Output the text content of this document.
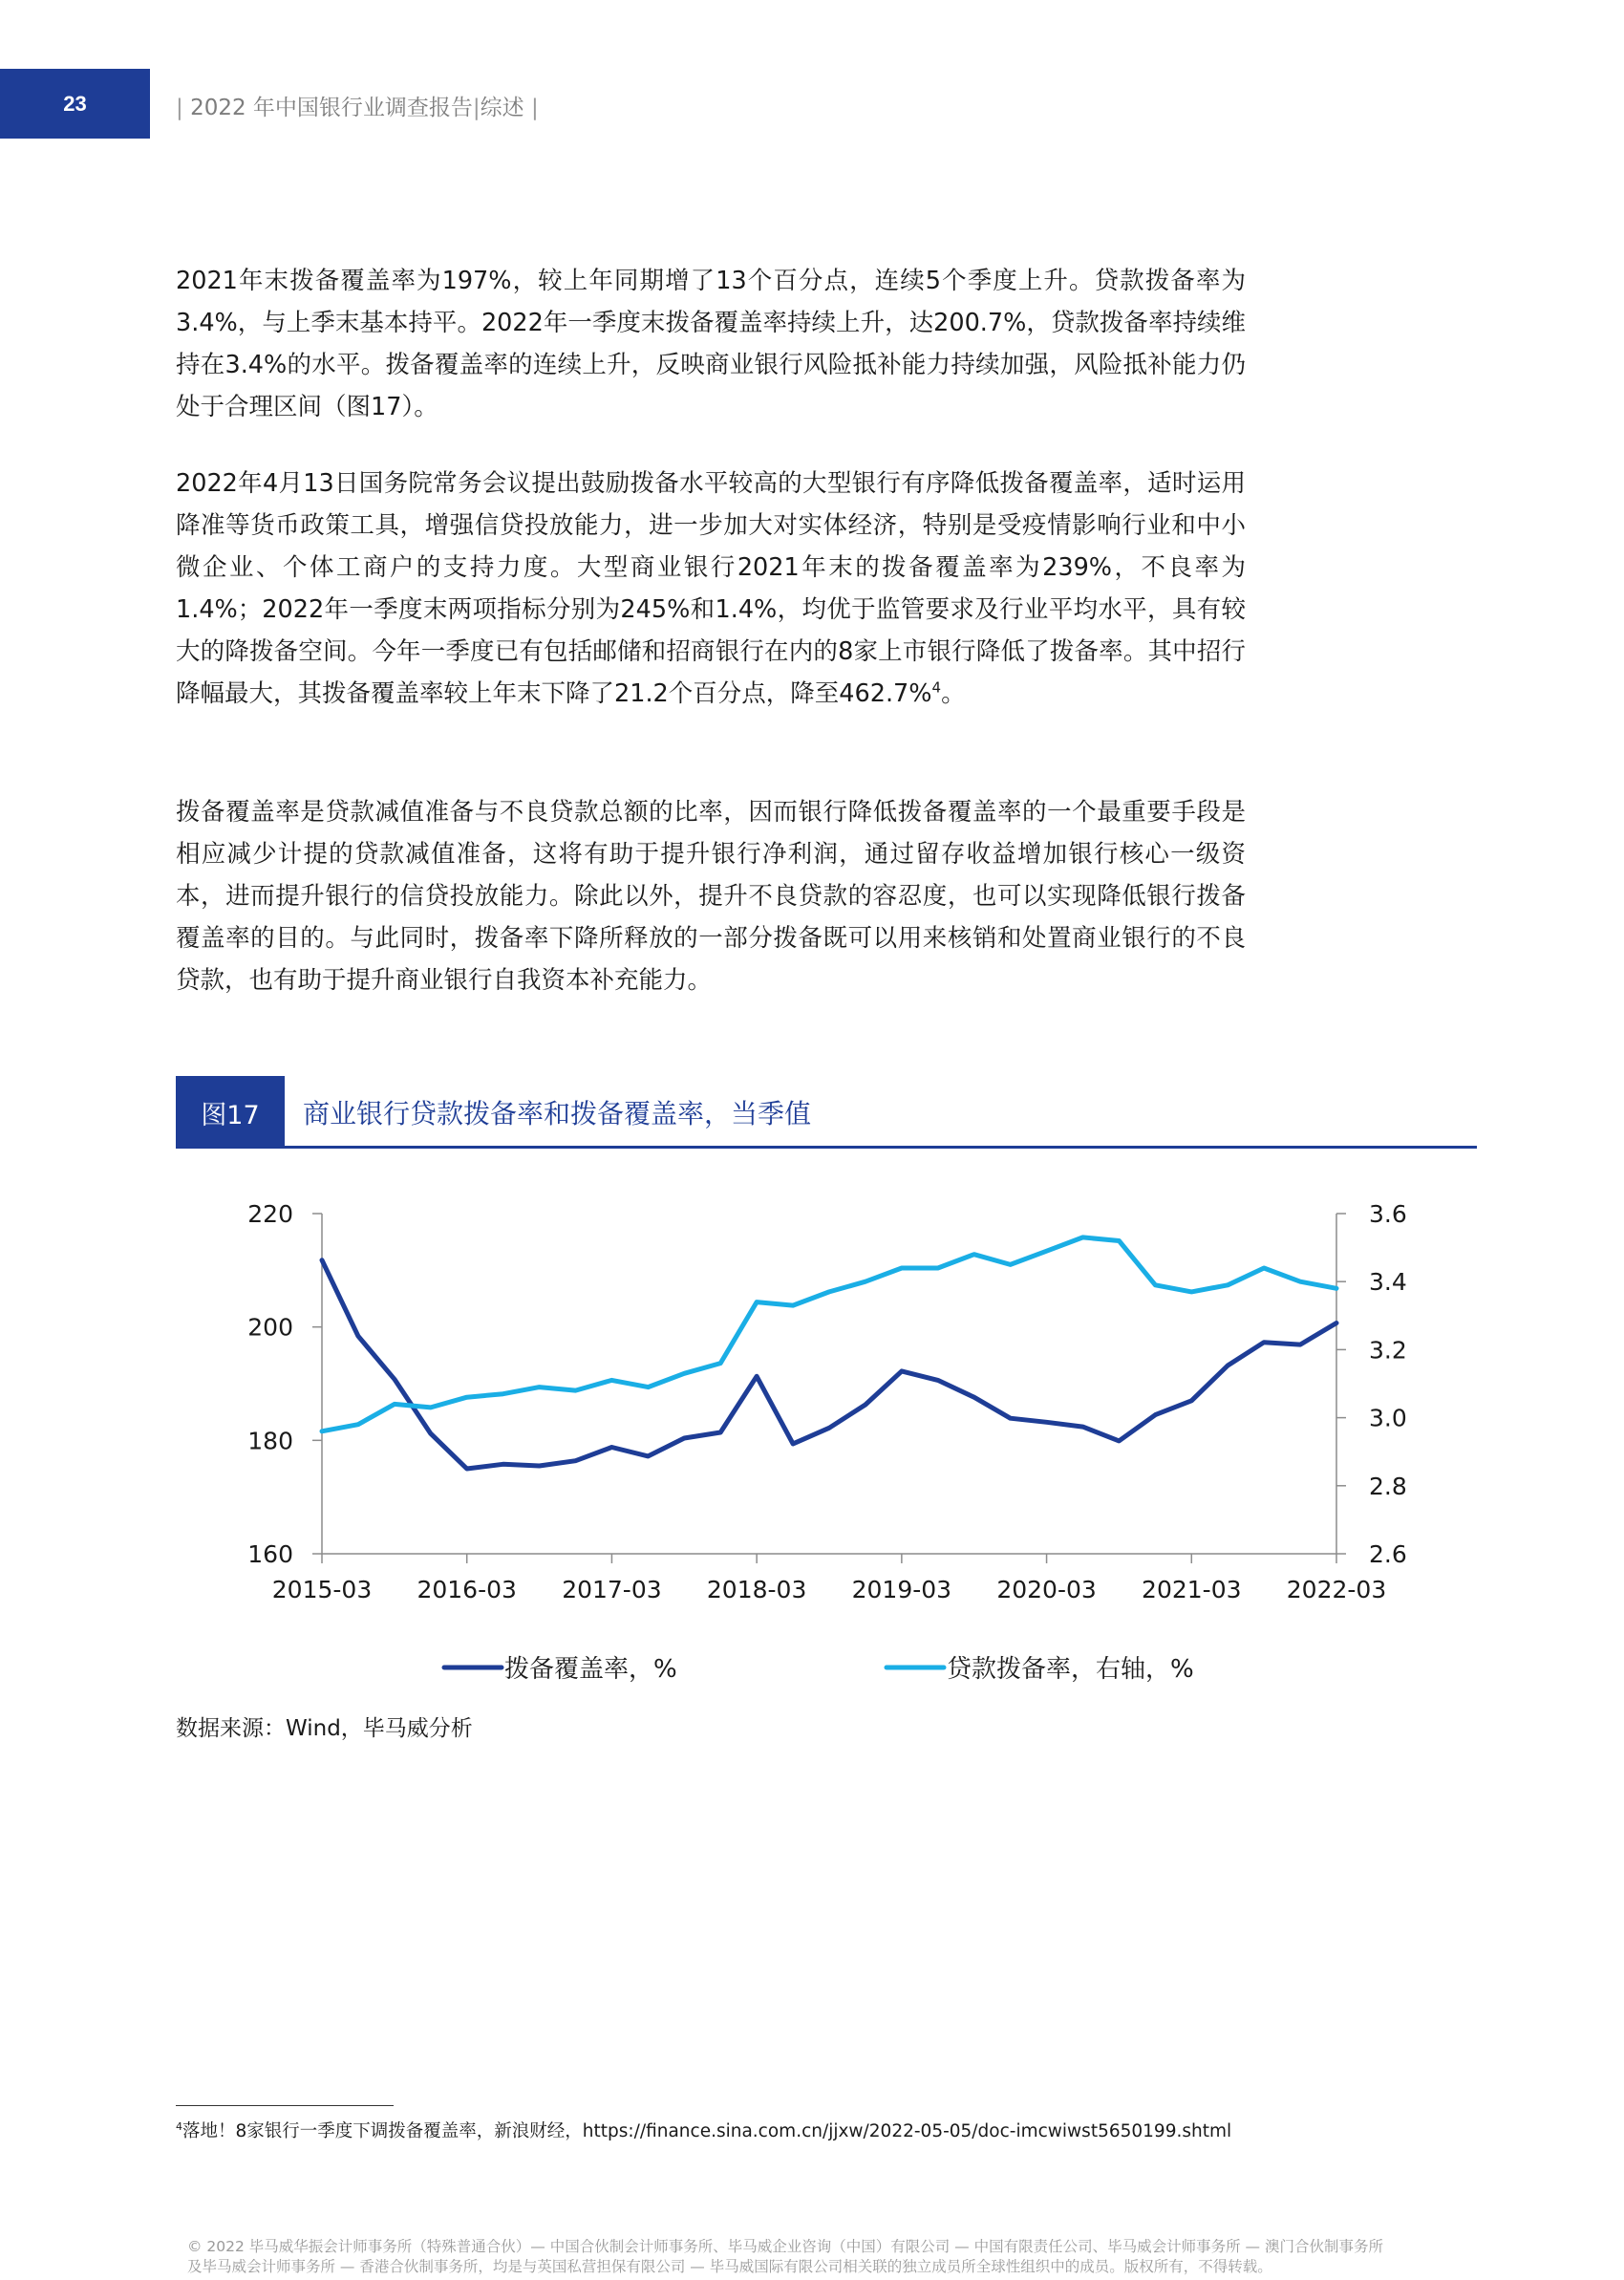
23	| 2022 年中国银行业调查报告|综述 |

2021年末拨备覆盖率为197%，较上年同期增了13个百分点，连续5个季度上升。贷款拨备率为3.4%，与上季末基本持平。2022年一季度末拨备覆盖率持续上升，达200.7%，贷款拨备率持续维持在3.4%的水平。拨备覆盖率的连续上升，反映商业银行风险抵补能力持续加强，风险抵补能力仍处于合理区间（图17）。

2022年4月13日国务院常务会议提出鼓励拨备水平较高的大型银行有序降低拨备覆盖率，适时运用降准等货币政策工具，增强信贷投放能力，进一步加大对实体经济，特别是受疫情影响行业和中小微企业、个体工商户的支持力度。大型商业银行2021年末的拨备覆盖率为239%，不良率为1.4%；2022年一季度末两项指标分别为245%和1.4%，均优于监管要求及行业平均水平，具有较大的降拨备空间。今年一季度已有包括邮储和招商银行在内的8家上市银行降低了拨备率。其中招行降幅最大，其拨备覆盖率较上年末下降了21.2个百分点，降至462.7%$^4$。

拨备覆盖率是贷款减值准备与不良贷款总额的比率，因而银行降低拨备覆盖率的一个最重要手段是相应减少计提的贷款减值准备，这将有助于提升银行净利润，通过留存收益增加银行核心一级资本，进而提升银行的信贷投放能力。除此以外，提升不良贷款的容忍度，也可以实现降低银行拨备覆盖率的目的。与此同时，拨备率下降所释放的一部分拨备既可以用来核销和处置商业银行的不良贷款，也有助于提升商业银行自我资本补充能力。

图17	商业银行贷款拨备率和拨备覆盖率，当季值
160
180
200
220
2.6
2.8
3.0
3.2
3.4
3.6
2015-03 2016-03 2017-03 2018-03 2019-03 2020-03 2021-03 2022-03
拨备覆盖率，%	贷款拨备率，右轴，%
数据来源：Wind，毕马威分析
$^4$落地！8家银行一季度下调拨备覆盖率，新浪财经，https://finance.sina.com.cn/jjxw/2022-05-05/doc-imcwiwst5650199.shtml
© 2022 毕马威华振会计师事务所（特殊普通合伙）— 中国合伙制会计师事务所、毕马威企业咨询（中国）有限公司 — 中国有限责任公司、毕马威会计师事务所 — 澳门合伙制事务所
及毕马威会计师事务所 — 香港合伙制事务所，均是与英国私营担保有限公司 — 毕马威国际有限公司相关联的独立成员所全球性组织中的成员。版权所有，不得转载。
